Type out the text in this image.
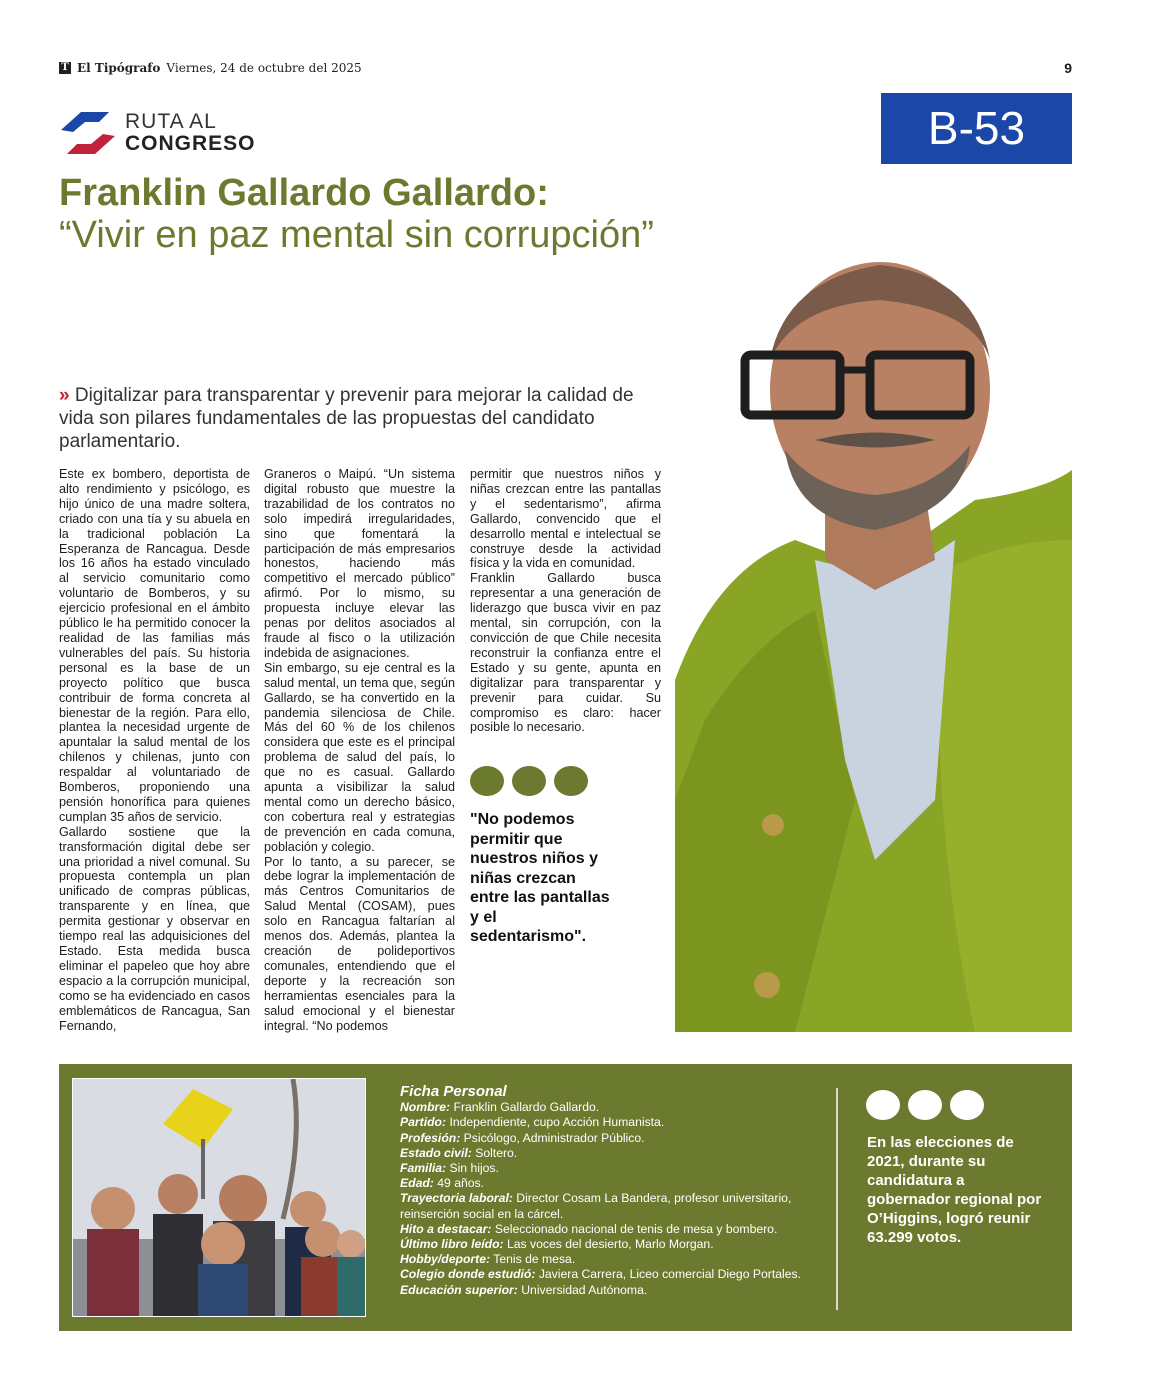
T El Tipógrafo Viernes, 24 de octubre del 2025	9
RUTA AL
CONGRESO	B-53
Franklin Gallardo Gallardo:
“Vivir en paz mental sin corrupción”
» Digitalizar para transparentar y prevenir para mejorar la calidad de vida son pilares fundamentales de las propuestas del candidato parlamentario.

Este ex bombero, deportista de alto rendimiento y psicólogo, es hijo único de una madre soltera, criado con una tía y su abuela en la tradicional población La Esperanza de Rancagua. Desde los 16 años ha estado vinculado al servicio comunitario como voluntario de Bomberos, y su ejercicio profesional en el ámbito público le ha permitido conocer la realidad de las familias más vulnerables del país. Su historia personal es la base de un proyecto político que busca contribuir de forma concreta al bienestar de la región. Para ello, plantea la necesidad urgente de apuntalar la salud mental de los chilenos y chilenas, junto con respaldar al voluntariado de Bomberos, proponiendo una pensión honorífica para quienes cumplan 35 años de servicio.

Gallardo sostiene que la transformación digital debe ser una prioridad a nivel comunal. Su propuesta contempla un plan unificado de compras públicas, transparente y en línea, que permita gestionar y observar en tiempo real las adquisiciones del Estado. Esta medida busca eliminar el papeleo que hoy abre espacio a la corrupción municipal, como se ha evidenciado en casos emblemáticos de Rancagua, San Fernando,

Graneros o Maipú. “Un sistema digital robusto que muestre la trazabilidad de los contratos no solo impedirá irregularidades, sino que fomentará la participación de más empresarios honestos, haciendo más competitivo el mercado público” afirmó. Por lo mismo, su propuesta incluye elevar las penas por delitos asociados al fraude al fisco o la utilización indebida de asignaciones.

Sin embargo, su eje central es la salud mental, un tema que, según Gallardo, se ha convertido en la pandemia silenciosa de Chile. Más del 60 % de los chilenos considera que este es el principal problema de salud del país, lo que no es casual. Gallardo apunta a visibilizar la salud mental como un derecho básico, con cobertura real y estrategias de prevención en cada comuna, población y colegio.

Por lo tanto, a su parecer, se debe lograr la implementación de más Centros Comunitarios de Salud Mental (COSAM), pues solo en Rancagua faltarían al menos dos. Además, plantea la creación de polideportivos comunales, entendiendo que el deporte y la recreación son herramientas esenciales para la salud emocional y el bienestar integral. “No podemos

permitir que nuestros niños y niñas crezcan entre las pantallas y el sedentarismo”, afirma Gallardo, convencido que el desarrollo mental e intelectual se construye desde la actividad física y la vida en comunidad.

Franklin Gallardo busca representar a una generación de liderazgo que busca vivir en paz mental, sin corrupción, con la convicción de que Chile necesita reconstruir la confianza entre el Estado y su gente, apunta en digitalizar para transparentar y prevenir para cuidar. Su compromiso es claro: hacer posible lo necesario.

"No podemos permitir que nuestros niños y niñas crezcan entre las pantallas y el sedentarismo".
Ficha Personal
Nombre: Franklin Gallardo Gallardo.
Partido: Independiente, cupo Acción Humanista.
Profesión: Psicólogo, Administrador Público.
Estado civil: Soltero.
Familia: Sin hijos.
Edad: 49 años.
Trayectoria laboral: Director Cosam La Bandera, profesor universitario, reinserción social en la cárcel.
Hito a destacar: Seleccionado nacional de tenis de mesa y bombero.
Último libro leído: Las voces del desierto, Marlo Morgan.
Hobby/deporte: Tenis de mesa.
Colegio donde estudió: Javiera Carrera, Liceo comercial Diego Portales.
Educación superior: Universidad Autónoma.
En las elecciones de 2021, durante su candidatura a gobernador regional por O’Higgins, logró reunir 63.299 votos.
